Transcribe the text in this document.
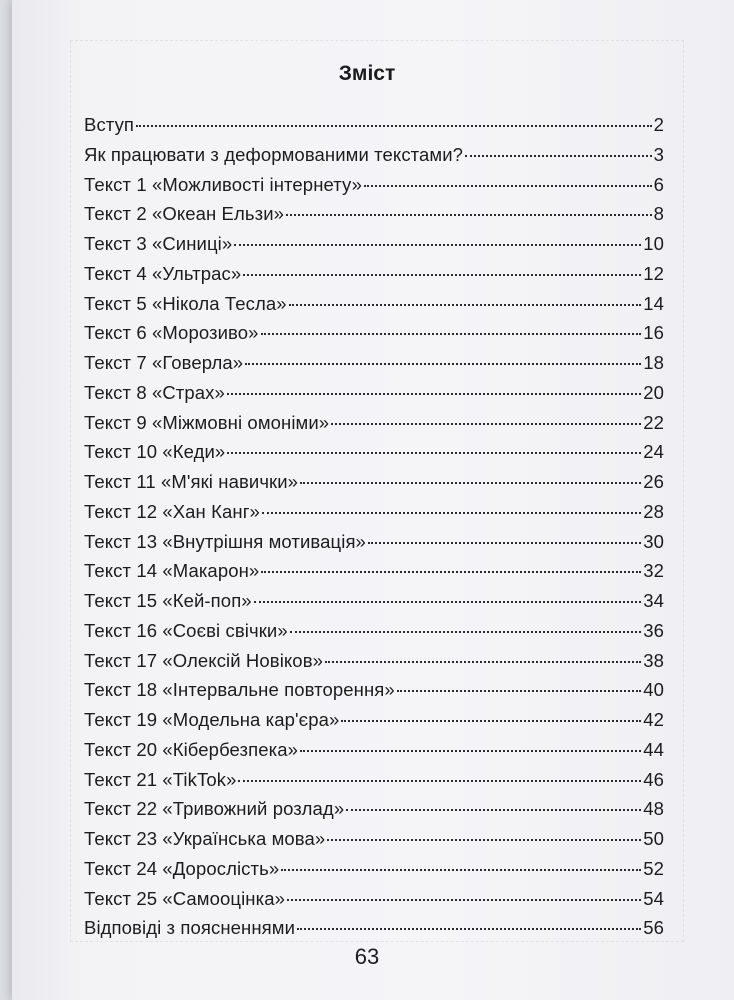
Зміст
Вступ	2
Як працювати з деформованими текстами?	3
Текст 1 «Можливості інтернету»	6
Текст 2 «Океан Ельзи»	8
Текст 3 «Синиці»	10
Текст 4 «Ультрас»	12
Текст 5 «Нікола Тесла»	14
Текст 6 «Морозиво»	16
Текст 7 «Говерла»	18
Текст 8 «Страх»	20
Текст 9 «Міжмовні омоніми»	22
Текст 10 «Кеди»	24
Текст 11 «М'які навички»	26
Текст 12 «Хан Канг»	28
Текст 13 «Внутрішня мотивація»	30
Текст 14 «Макарон»	32
Текст 15 «Кей-поп»	34
Текст 16 «Соєві свічки»	36
Текст 17 «Олексій Новіков»	38
Текст 18 «Інтервальне повторення»	40
Текст 19 «Модельна кар'єра»	42
Текст 20 «Кібербезпека»	44
Текст 21 «TikTok»	46
Текст 22 «Тривожний розлад»	48
Текст 23 «Українська мова»	50
Текст 24 «Дорослість»	52
Текст 25 «Самооцінка»	54
Відповіді з поясненнями	56
63
